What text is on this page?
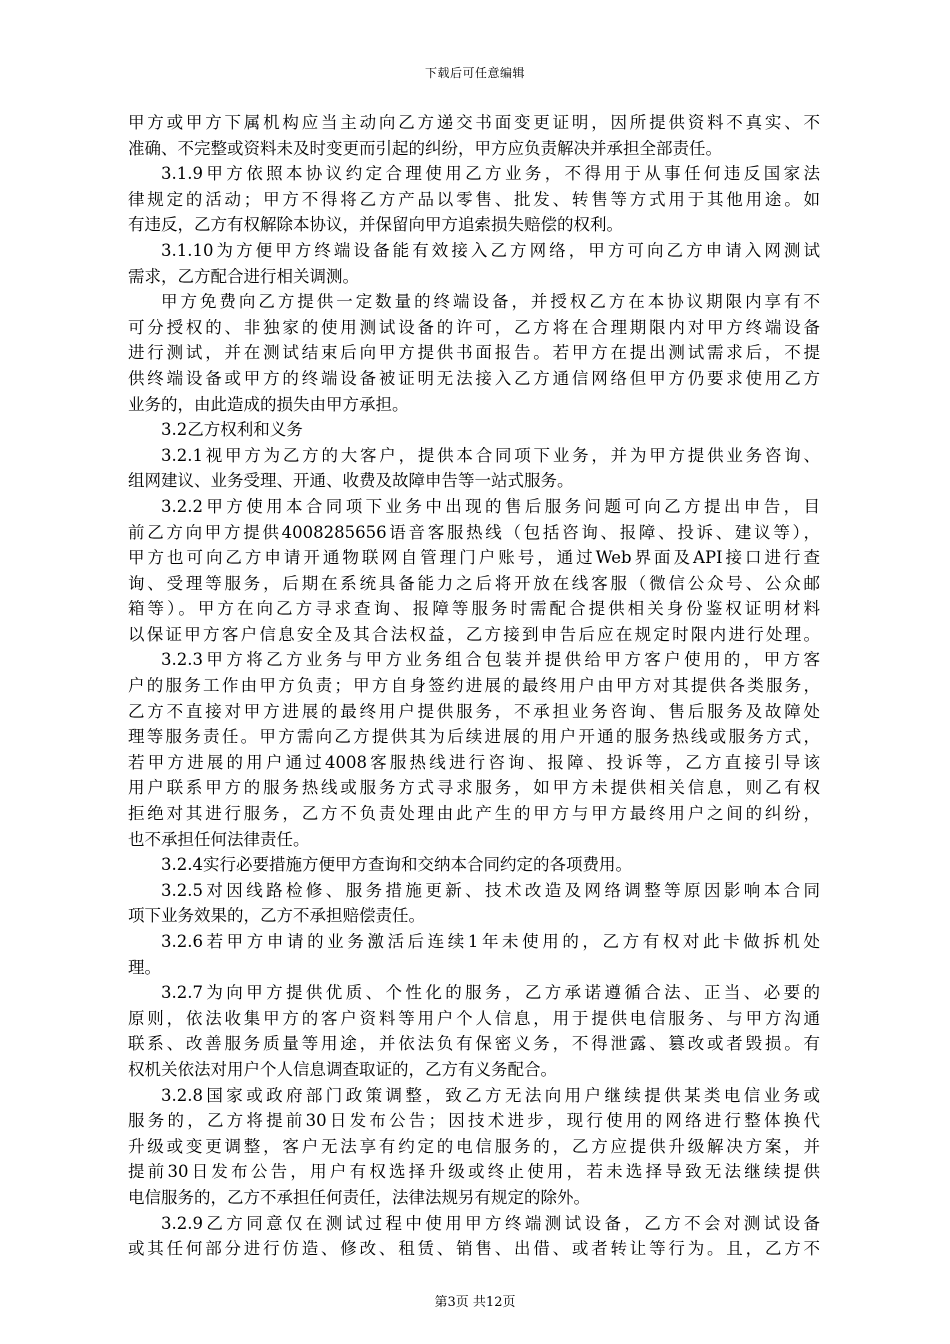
下载后可任意编辑
甲方或甲方下属机构应当主动向乙方递交书面变更证明，因所提供资料不真实、不
准确、不完整或资料未及时变更而引起的纠纷，甲方应负责解决并承担全部责任。
3.1.9甲方依照本协议约定合理使用乙方业务，不得用于从事任何违反国家法
律规定的活动；甲方不得将乙方产品以零售、批发、转售等方式用于其他用途。如
有违反，乙方有权解除本协议，并保留向甲方追索损失赔偿的权利。
3.1.10为方便甲方终端设备能有效接入乙方网络，甲方可向乙方申请入网测试
需求，乙方配合进行相关调测。
甲方免费向乙方提供一定数量的终端设备，并授权乙方在本协议期限内享有不
可分授权的、非独家的使用测试设备的许可，乙方将在合理期限内对甲方终端设备
进行测试，并在测试结束后向甲方提供书面报告。若甲方在提出测试需求后，不提
供终端设备或甲方的终端设备被证明无法接入乙方通信网络但甲方仍要求使用乙方
业务的，由此造成的损失由甲方承担。
3.2乙方权利和义务
3.2.1视甲方为乙方的大客户，提供本合同项下业务，并为甲方提供业务咨询、
组网建议、业务受理、开通、收费及故障申告等一站式服务。
3.2.2甲方使用本合同项下业务中出现的售后服务问题可向乙方提出申告，目
前乙方向甲方提供4008285656语音客服热线（包括咨询、报障、投诉、建议等），
甲方也可向乙方申请开通物联网自管理门户账号，通过Web界面及API接口进行查
询、受理等服务，后期在系统具备能力之后将开放在线客服（微信公众号、公众邮
箱等）。甲方在向乙方寻求查询、报障等服务时需配合提供相关身份鉴权证明材料
以保证甲方客户信息安全及其合法权益，乙方接到申告后应在规定时限内进行处理。
3.2.3甲方将乙方业务与甲方业务组合包装并提供给甲方客户使用的，甲方客
户的服务工作由甲方负责；甲方自身签约进展的最终用户由甲方对其提供各类服务，
乙方不直接对甲方进展的最终用户提供服务，不承担业务咨询、售后服务及故障处
理等服务责任。甲方需向乙方提供其为后续进展的用户开通的服务热线或服务方式，
若甲方进展的用户通过4008客服热线进行咨询、报障、投诉等，乙方直接引导该
用户联系甲方的服务热线或服务方式寻求服务，如甲方未提供相关信息，则乙有权
拒绝对其进行服务，乙方不负责处理由此产生的甲方与甲方最终用户之间的纠纷，
也不承担任何法律责任。
3.2.4实行必要措施方便甲方查询和交纳本合同约定的各项费用。
3.2.5对因线路检修、服务措施更新、技术改造及网络调整等原因影响本合同
项下业务效果的，乙方不承担赔偿责任。
3.2.6若甲方申请的业务激活后连续1年未使用的，乙方有权对此卡做拆机处
理。
3.2.7为向甲方提供优质、个性化的服务，乙方承诺遵循合法、正当、必要的
原则，依法收集甲方的客户资料等用户个人信息，用于提供电信服务、与甲方沟通
联系、改善服务质量等用途，并依法负有保密义务，不得泄露、篡改或者毁损。有
权机关依法对用户个人信息调查取证的，乙方有义务配合。
3.2.8国家或政府部门政策调整，致乙方无法向用户继续提供某类电信业务或
服务的，乙方将提前30日发布公告；因技术进步，现行使用的网络进行整体换代
升级或变更调整，客户无法享有约定的电信服务的，乙方应提供升级解决方案，并
提前30日发布公告，用户有权选择升级或终止使用，若未选择导致无法继续提供
电信服务的，乙方不承担任何责任，法律法规另有规定的除外。
3.2.9乙方同意仅在测试过程中使用甲方终端测试设备，乙方不会对测试设备
或其任何部分进行仿造、修改、租赁、销售、出借、或者转让等行为。且，乙方不
第3页 共12页
